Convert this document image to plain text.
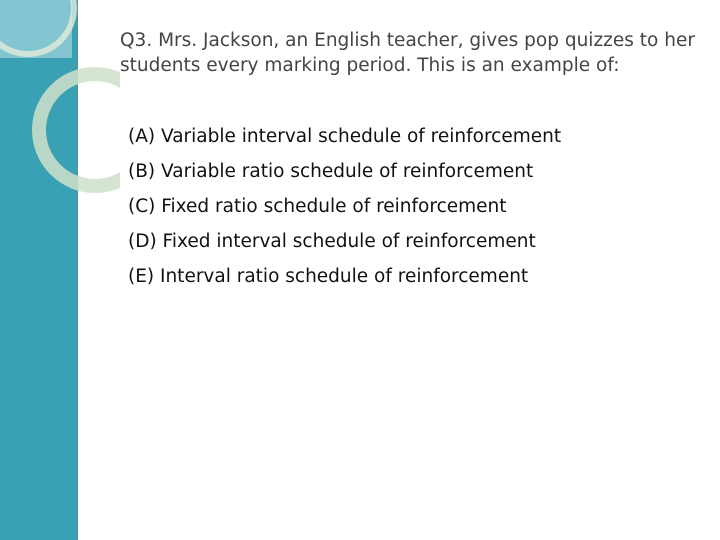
Q3. Mrs. Jackson, an English teacher, gives pop quizzes to her students every marking period. This is an example of:
(A) Variable interval schedule of reinforcement
(B) Variable ratio schedule of reinforcement
(C) Fixed ratio schedule of reinforcement
(D) Fixed interval schedule of reinforcement
(E) Interval ratio schedule of reinforcement
